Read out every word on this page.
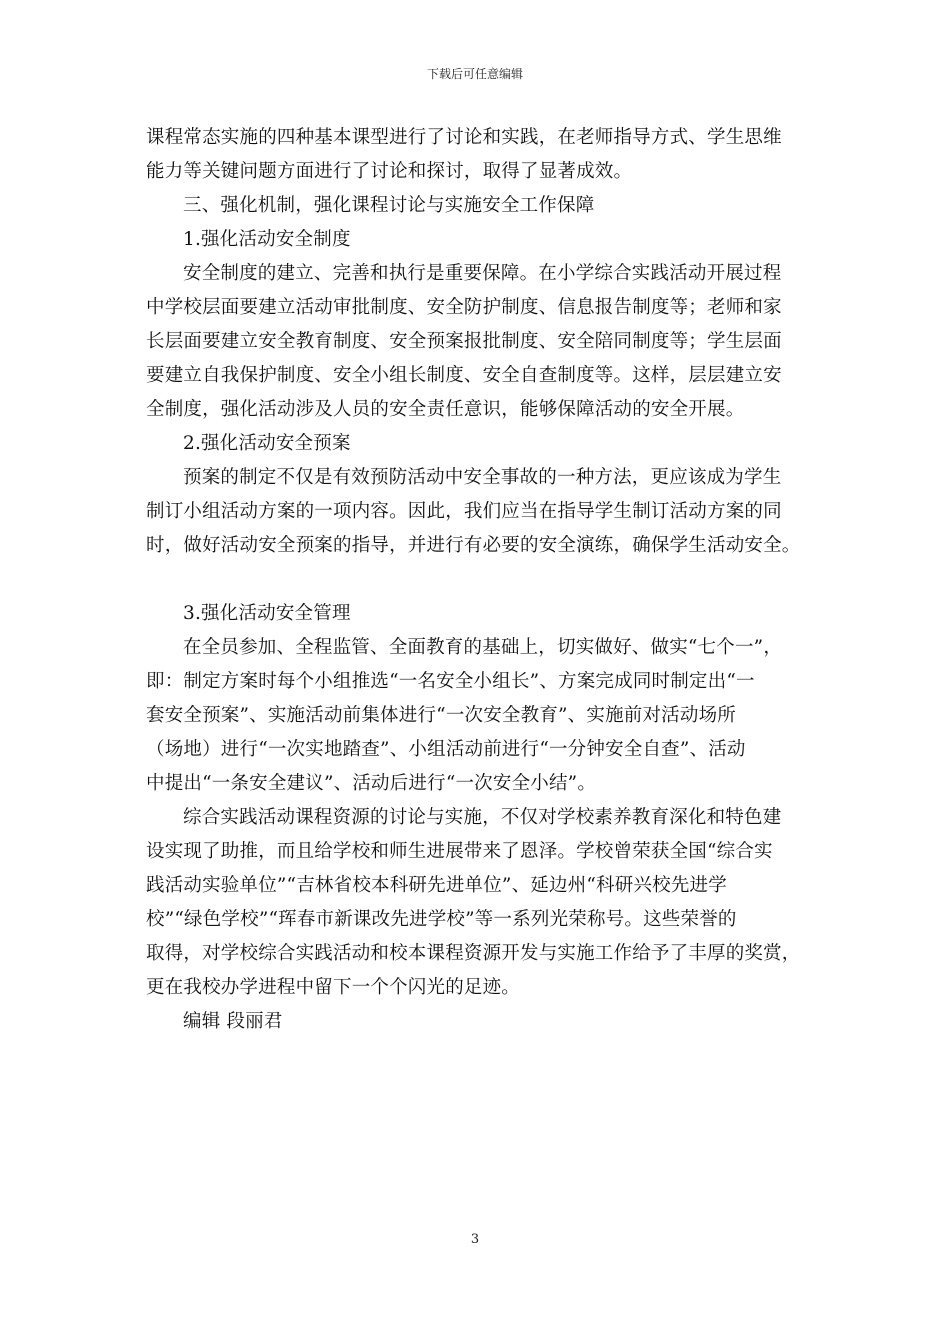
下载后可任意编辑
课程常态实施的四种基本课型进行了讨论和实践，在老师指导方式、学生思维
能力等关键问题方面进行了讨论和探讨，取得了显著成效。
三、强化机制，强化课程讨论与实施安全工作保障
1.强化活动安全制度
安全制度的建立、完善和执行是重要保障。在小学综合实践活动开展过程
中学校层面要建立活动审批制度、安全防护制度、信息报告制度等；老师和家
长层面要建立安全教育制度、安全预案报批制度、安全陪同制度等；学生层面
要建立自我保护制度、安全小组长制度、安全自查制度等。这样，层层建立安
全制度，强化活动涉及人员的安全责任意识，能够保障活动的安全开展。
2.强化活动安全预案
预案的制定不仅是有效预防活动中安全事故的一种方法，更应该成为学生
制订小组活动方案的一项内容。因此，我们应当在指导学生制订活动方案的同
时，做好活动安全预案的指导，并进行有必要的安全演练，确保学生活动安全。
3.强化活动安全管理
在全员参加、全程监管、全面教育的基础上，切实做好、做实“七个一”，
即：制定方案时每个小组推选“一名安全小组长”、方案完成同时制定出“一
套安全预案”、实施活动前集体进行“一次安全教育”、实施前对活动场所
（场地）进行“一次实地踏查”、小组活动前进行“一分钟安全自查”、活动
中提出“一条安全建议”、活动后进行“一次安全小结”。
综合实践活动课程资源的讨论与实施，不仅对学校素养教育深化和特色建
设实现了助推，而且给学校和师生进展带来了恩泽。学校曾荣获全国“综合实
践活动实验单位”“吉林省校本科研先进单位”、延边州“科研兴校先进学
校”“绿色学校”“珲春市新课改先进学校”等一系列光荣称号。这些荣誉的
取得，对学校综合实践活动和校本课程资源开发与实施工作给予了丰厚的奖赏，
更在我校办学进程中留下一个个闪光的足迹。
编辑 段丽君
3
